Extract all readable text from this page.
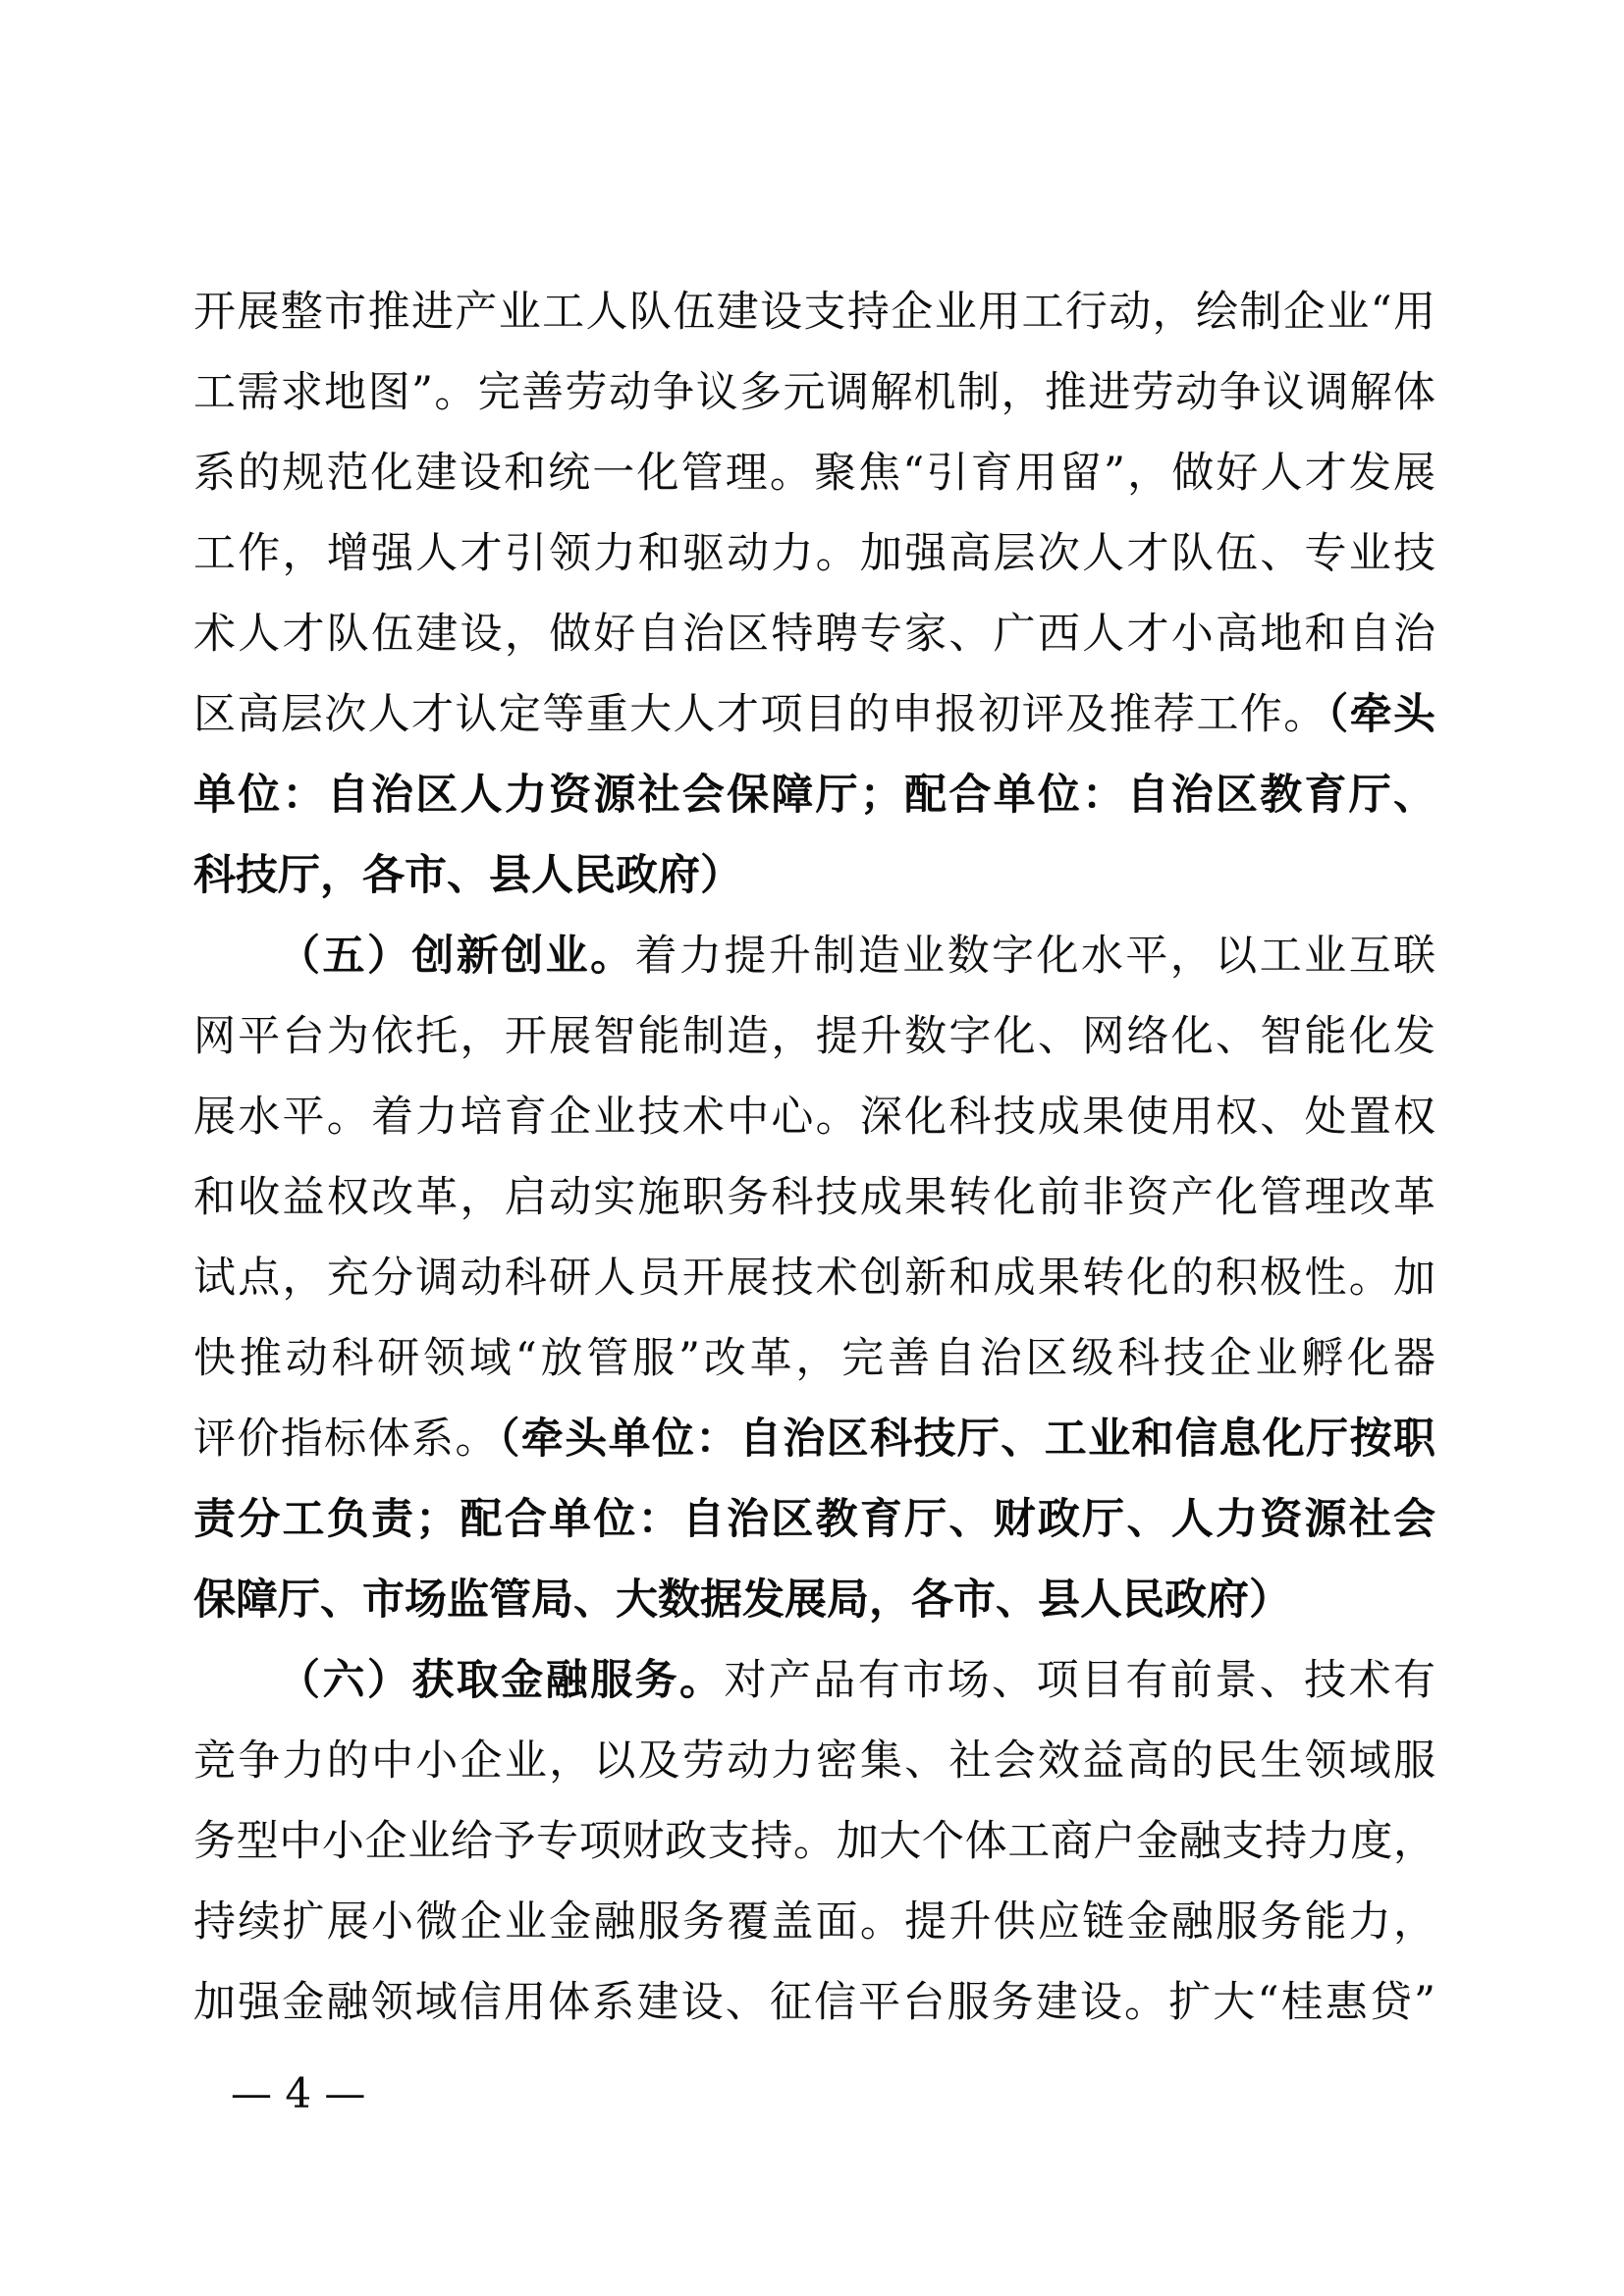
开展整市推进产业工人队伍建设支持企业用工行动，绘制企业“用
工需求地图”。完善劳动争议多元调解机制，推进劳动争议调解体
系的规范化建设和统一化管理。聚焦“引育用留”，做好人才发展
工作，增强人才引领力和驱动力。加强高层次人才队伍、专业技
术人才队伍建设，做好自治区特聘专家、广西人才小高地和自治
区高层次人才认定等重大人才项目的申报初评及推荐工作。（牵头
单位：自治区人力资源社会保障厅；配合单位：自治区教育厅、
科技厅，各市、县人民政府）
（五）创新创业。着力提升制造业数字化水平，以工业互联
网平台为依托，开展智能制造，提升数字化、网络化、智能化发
展水平。着力培育企业技术中心。深化科技成果使用权、处置权
和收益权改革，启动实施职务科技成果转化前非资产化管理改革
试点，充分调动科研人员开展技术创新和成果转化的积极性。加
快推动科研领域“放管服”改革，完善自治区级科技企业孵化器
评价指标体系。（牵头单位：自治区科技厅、工业和信息化厅按职
责分工负责；配合单位：自治区教育厅、财政厅、人力资源社会
保障厅、市场监管局、大数据发展局，各市、县人民政府）
（六）获取金融服务。对产品有市场、项目有前景、技术有
竞争力的中小企业，以及劳动力密集、社会效益高的民生领域服
务型中小企业给予专项财政支持。加大个体工商户金融支持力度，
持续扩展小微企业金融服务覆盖面。提升供应链金融服务能力，
加强金融领域信用体系建设、征信平台服务建设。扩大“桂惠贷”
— 4 —
